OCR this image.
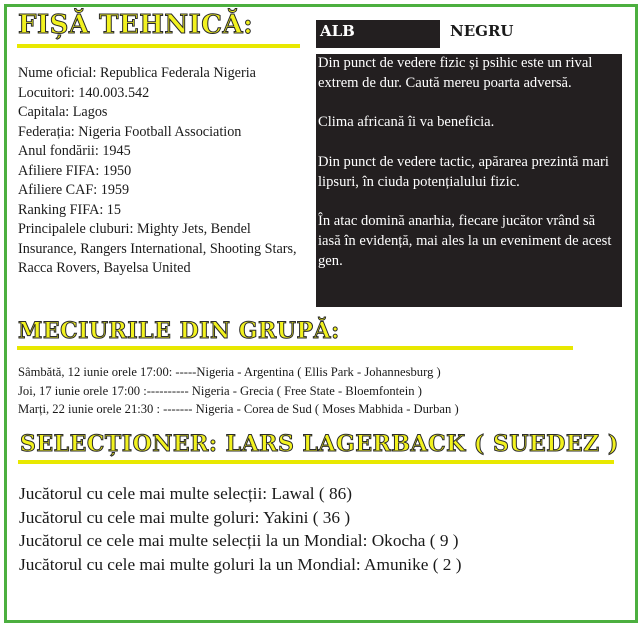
FIȘĂ TEHNICĂ:
Nume oficial: Republica Federala Nigeria
Locuitori: 140.003.542
Capitala: Lagos
Federația: Nigeria Football Association
Anul fondării: 1945
Afiliere FIFA: 1950
Afiliere CAF: 1959
Ranking FIFA: 15
Principalele cluburi: Mighty Jets, Bendel Insurance, Rangers International, Shooting Stars, Racca Rovers, Bayelsa United
ALB	NEGRU

Din punct de vedere fizic și psihic este un rival extrem de dur. Caută mereu poarta adversă.

Clima africană îi va beneficia.

Din punct de vedere tactic, apărarea prezintă mari lipsuri, în ciuda potențialului fizic.

În atac domină anarhia, fiecare jucător vrând să iasă în evidență, mai ales la un eveniment de acest gen.

MECIURILE DIN GRUPĂ:
Sâmbătă, 12 iunie orele 17:00: -----Nigeria - Argentina ( Ellis Park - Johannesburg )
Joi, 17 iunie orele 17:00 :---------- Nigeria - Grecia ( Free State - Bloemfontein )
Marți, 22 iunie orele 21:30 : ------- Nigeria - Corea de Sud ( Moses Mabhida - Durban )
SELECȚIONER: LARS LAGERBACK ( SUEDEZ )
Jucătorul cu cele mai multe selecții: Lawal ( 86)
Jucătorul cu cele mai multe goluri: Yakini ( 36 )
Jucătorul ce cele mai multe selecții la un Mondial: Okocha ( 9 )
Jucătorul cu cele mai multe goluri la un Mondial: Amunike ( 2 )
